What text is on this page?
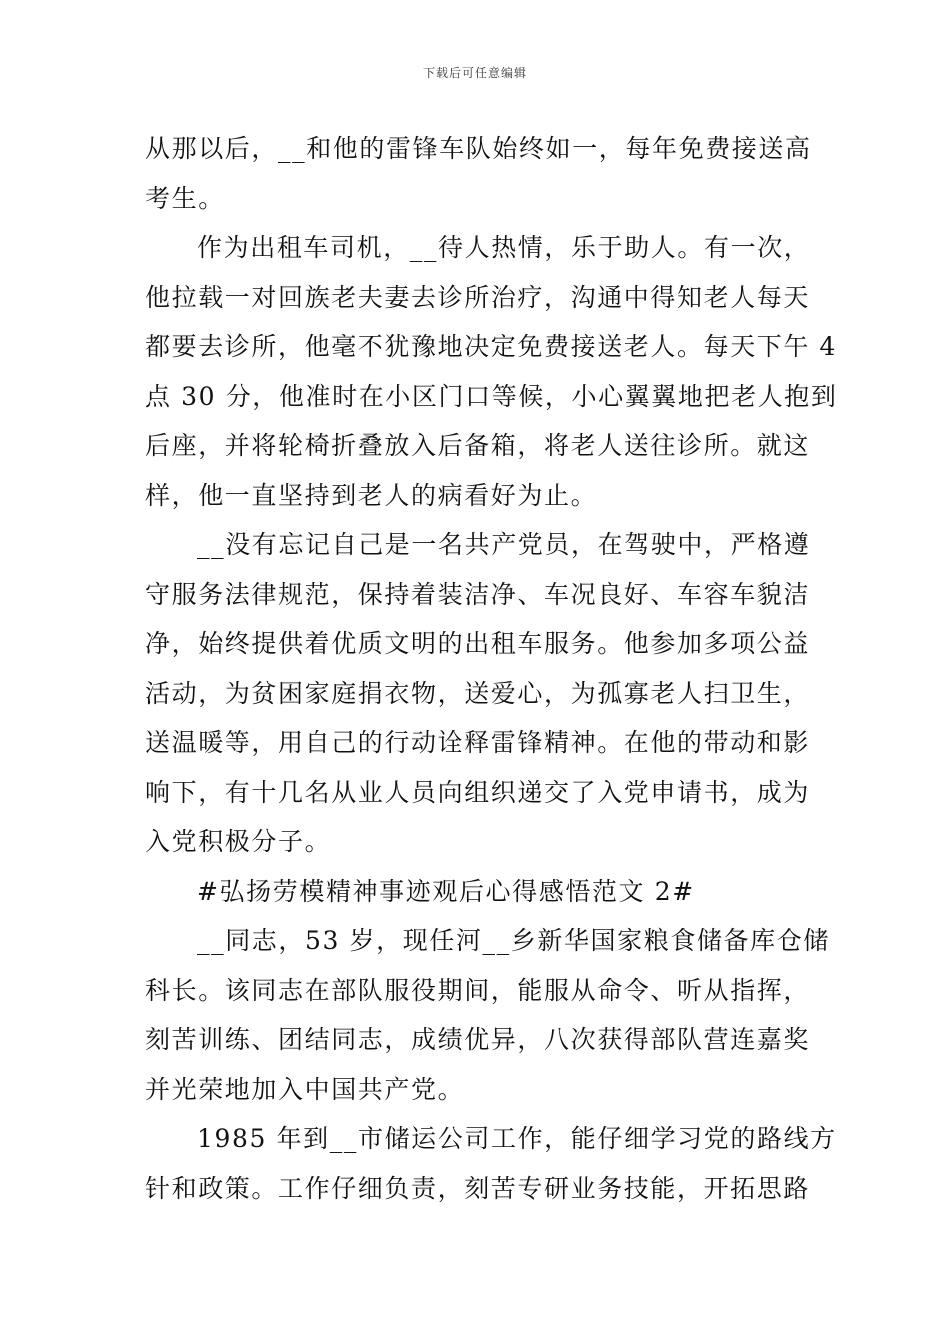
下载后可任意编辑
从那以后，__和他的雷锋车队始终如一，每年免费接送高
考生。
作为出租车司机，__待人热情，乐于助人。有一次，
他拉载一对回族老夫妻去诊所治疗，沟通中得知老人每天
都要去诊所，他毫不犹豫地决定免费接送老人。每天下午 4
点 30 分，他准时在小区门口等候，小心翼翼地把老人抱到
后座，并将轮椅折叠放入后备箱，将老人送往诊所。就这
样，他一直坚持到老人的病看好为止。
__没有忘记自己是一名共产党员，在驾驶中，严格遵
守服务法律规范，保持着装洁净、车况良好、车容车貌洁
净，始终提供着优质文明的出租车服务。他参加多项公益
活动，为贫困家庭捐衣物，送爱心，为孤寡老人扫卫生，
送温暖等，用自己的行动诠释雷锋精神。在他的带动和影
响下，有十几名从业人员向组织递交了入党申请书，成为
入党积极分子。
#弘扬劳模精神事迹观后心得感悟范文 2#
__同志，53 岁，现任河__乡新华国家粮食储备库仓储
科长。该同志在部队服役期间，能服从命令、听从指挥，
刻苦训练、团结同志，成绩优异，八次获得部队营连嘉奖
并光荣地加入中国共产党。
1985 年到__市储运公司工作，能仔细学习党的路线方
针和政策。工作仔细负责，刻苦专研业务技能，开拓思路
